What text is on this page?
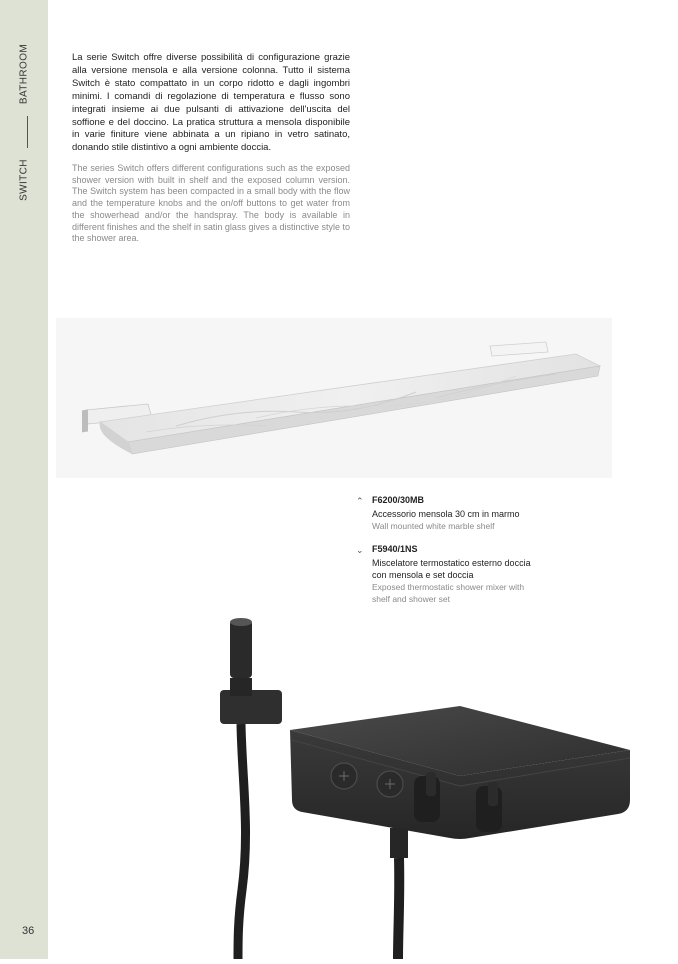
BATHROOM
SWITCH
36

La serie Switch offre diverse possibilità di configurazione grazie alla versione mensola e alla versione colonna. Tutto il sistema Switch è stato compattato in un corpo ridotto e dagli ingombri minimi. I comandi di regolazione di temperatura e flusso sono integrati insieme ai due pulsanti di attivazione dell'uscita del soffione e del doccino. La pratica struttura a mensola disponibile in varie finiture viene abbinata a un ripiano in vetro satinato, donando stile distintivo a ogni ambiente doccia.

The series Switch offers different configurations such as the exposed shower version with built in shelf and the exposed column version. The Switch system has been compacted in a small body with the flow and the temperature knobs and the on/off buttons to get water from the showerhead and/or the handspray. The body is available in different finishes and the shelf in satin glass gives a distinctive style to the shower area.

⌃ F6200/30MB
Accessorio mensola 30 cm in marmo
Wall mounted white marble shelf
⌄ F5940/1NS
Miscelatore termostatico esterno doccia con mensola e set doccia
Exposed thermostatic shower mixer with shelf and shower set
